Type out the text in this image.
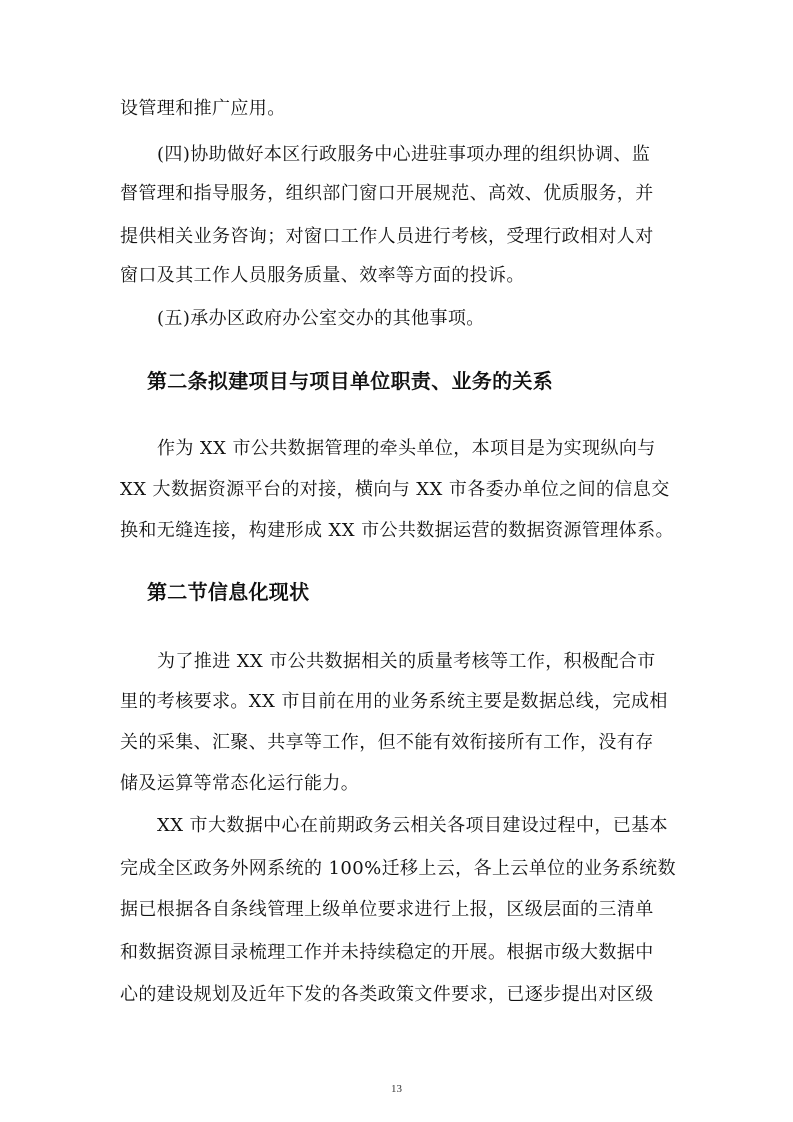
设管理和推广应用。
(四)协助做好本区行政服务中心进驻事项办理的组织协调、监
督管理和指导服务，组织部门窗口开展规范、高效、优质服务，并
提供相关业务咨询；对窗口工作人员进行考核，受理行政相对人对
窗口及其工作人员服务质量、效率等方面的投诉。
(五)承办区政府办公室交办的其他事项。
第二条拟建项目与项目单位职责、业务的关系
作为 XX 市公共数据管理的牵头单位，本项目是为实现纵向与
XX 大数据资源平台的对接，横向与 XX 市各委办单位之间的信息交
换和无缝连接，构建形成 XX 市公共数据运营的数据资源管理体系。
第二节信息化现状
为了推进 XX 市公共数据相关的质量考核等工作，积极配合市
里的考核要求。XX 市目前在用的业务系统主要是数据总线，完成相
关的采集、汇聚、共享等工作，但不能有效衔接所有工作，没有存
储及运算等常态化运行能力。
XX 市大数据中心在前期政务云相关各项目建设过程中，已基本
完成全区政务外网系统的 100%迁移上云，各上云单位的业务系统数
据已根据各自条线管理上级单位要求进行上报，区级层面的三清单
和数据资源目录梳理工作并未持续稳定的开展。根据市级大数据中
心的建设规划及近年下发的各类政策文件要求，已逐步提出对区级
13
